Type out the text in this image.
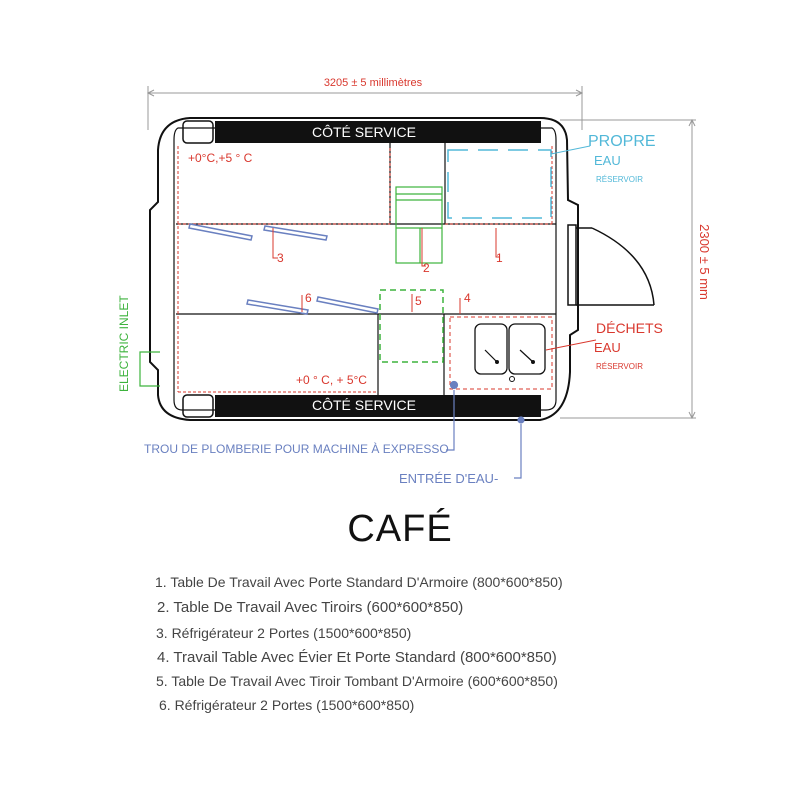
3205 ± 5 millimètres
2300 ± 5 mm
CÔTÉ SERVICE
CÔTÉ SERVICE
1
2
3
4
5
6
+0°C,+5 ° C
+0 ° C, + 5°C
PROPRE
EAU
RÉSERVOIR
DÉCHETS
EAU
RÉSERVOIR
ELECTRIC INLET
TROU DE PLOMBERIE POUR MACHINE À EXPRESSO
ENTRÉE D'EAU-
CAFÉ
1. Table De Travail Avec Porte Standard D'Armoire (800*600*850)
2. Table De Travail Avec Tiroirs (600*600*850)
3. Réfrigérateur 2 Portes (1500*600*850)
4. Travail Table Avec Évier Et Porte Standard (800*600*850)
5. Table De Travail Avec Tiroir Tombant D'Armoire (600*600*850)
6. Réfrigérateur 2 Portes (1500*600*850)
